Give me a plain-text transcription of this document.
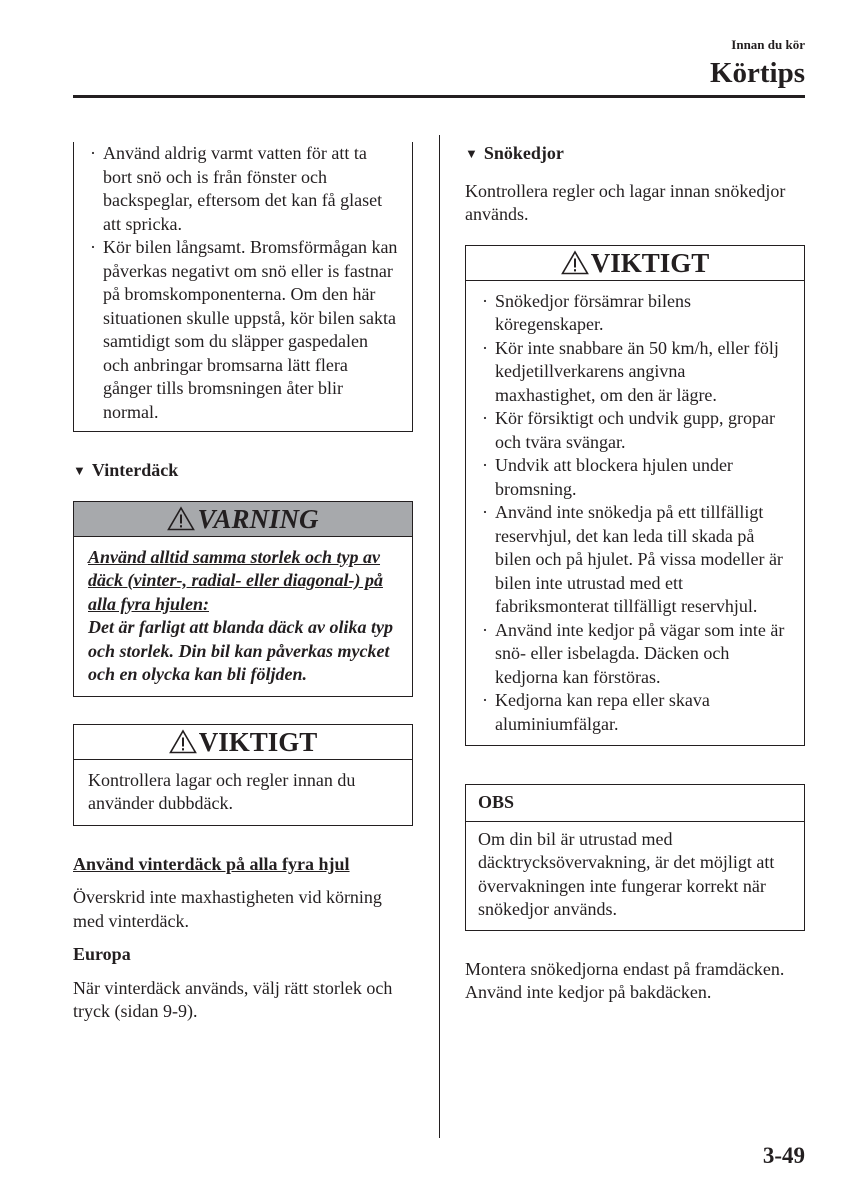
Innan du kör
Körtips
· Använd aldrig varmt vatten för att ta bort snö och is från fönster och backspeglar, eftersom det kan få glaset att spricka.
· Kör bilen långsamt. Bromsförmågan kan påverkas negativt om snö eller is fastnar på bromskomponenterna. Om den här situationen skulle uppstå, kör bilen sakta samtidigt som du släpper gaspedalen och anbringar bromsarna lätt flera gånger tills bromsningen åter blir normal.
▼ Vinterdäck
VARNING
Använd alltid samma storlek och typ av däck (vinter-, radial- eller diagonal-) på alla fyra hjulen:
Det är farligt att blanda däck av olika typ och storlek. Din bil kan påverkas mycket och en olycka kan bli följden.
VIKTIGT
Kontrollera lagar och regler innan du använder dubbdäck.

Använd vinterdäck på alla fyra hjul

Överskrid inte maxhastigheten vid körning med vinterdäck.

Europa

När vinterdäck används, välj rätt storlek och tryck (sidan 9-9).

▼ Snökedjor

Kontrollera regler och lagar innan snökedjor används.

VIKTIGT
· Snökedjor försämrar bilens köregenskaper.
· Kör inte snabbare än 50 km/h, eller följ kedjetillverkarens angivna maxhastighet, om den är lägre.
· Kör försiktigt och undvik gupp, gropar och tvära svängar.
· Undvik att blockera hjulen under bromsning.
· Använd inte snökedja på ett tillfälligt reservhjul, det kan leda till skada på bilen och på hjulet. På vissa modeller är bilen inte utrustad med ett fabriksmonterat tillfälligt reservhjul.
· Använd inte kedjor på vägar som inte är snö- eller isbelagda. Däcken och kedjorna kan förstöras.
· Kedjorna kan repa eller skava aluminiumfälgar.
OBS
Om din bil är utrustad med däcktrycksövervakning, är det möjligt att övervakningen inte fungerar korrekt när snökedjor används.

Montera snökedjorna endast på framdäcken.

Använd inte kedjor på bakdäcken.

3-49
